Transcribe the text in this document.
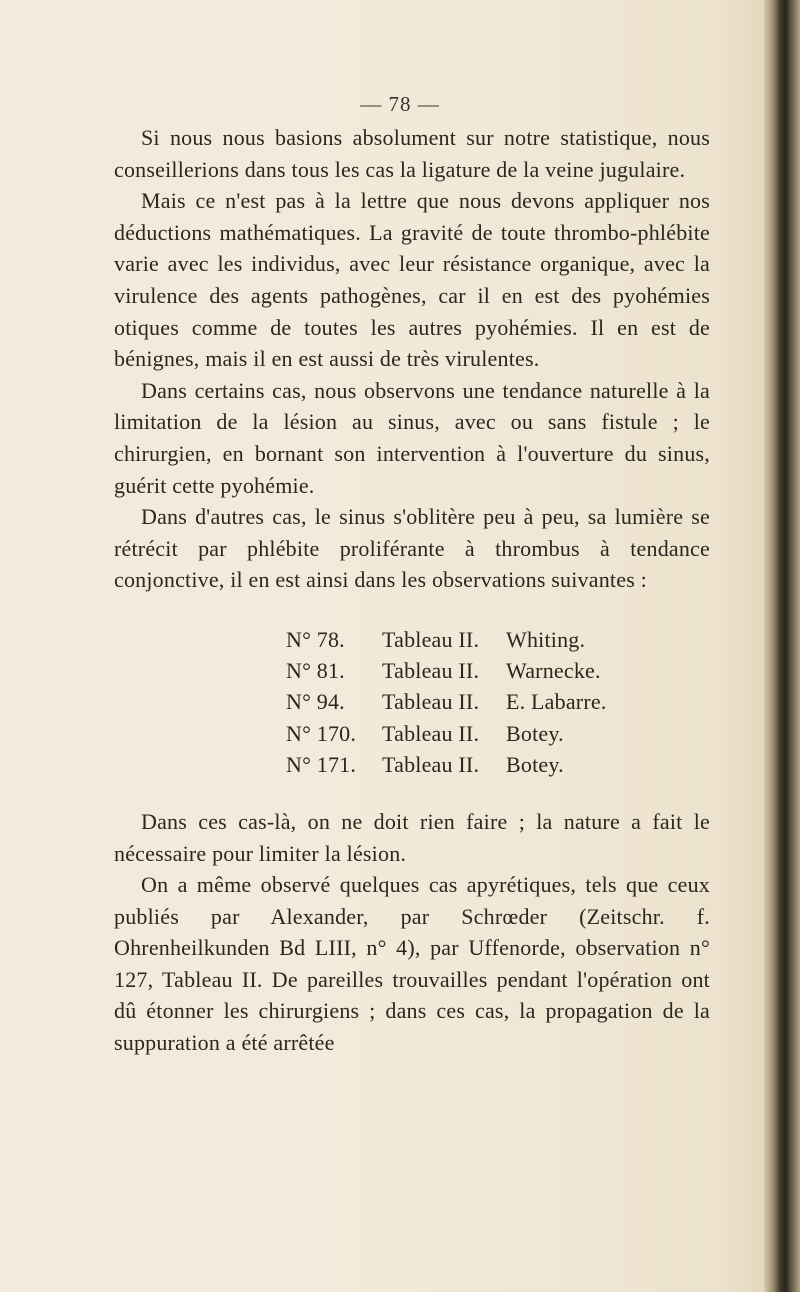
— 78 —

Si nous nous basions absolument sur notre statistique, nous conseillerions dans tous les cas la ligature de la veine jugulaire.

Mais ce n'est pas à la lettre que nous devons appliquer nos déductions mathématiques. La gravité de toute thrombo-phlébite varie avec les individus, avec leur résistance organique, avec la virulence des agents pathogènes, car il en est des pyohémies otiques comme de toutes les autres pyohémies. Il en est de bénignes, mais il en est aussi de très virulentes.

Dans certains cas, nous observons une tendance naturelle à la limitation de la lésion au sinus, avec ou sans fistule ; le chirurgien, en bornant son intervention à l'ouverture du sinus, guérit cette pyohémie.

Dans d'autres cas, le sinus s'oblitère peu à peu, sa lumière se rétrécit par phlébite proliférante à thrombus à tendance conjonctive, il en est ainsi dans les observations suivantes :

N° 78.	Tableau II.	Whiting.
N° 81.	Tableau II.	Warnecke.
N° 94.	Tableau II.	E. Labarre.
N° 170.	Tableau II.	Botey.
N° 171.	Tableau II.	Botey.

Dans ces cas-là, on ne doit rien faire ; la nature a fait le nécessaire pour limiter la lésion.

On a même observé quelques cas apyrétiques, tels que ceux publiés par Alexander, par Schrœder (Zeitschr. f. Ohrenheilkunden Bd LIII, n° 4), par Uffenorde, observation n° 127, Tableau II. De pareilles trouvailles pendant l'opération ont dû étonner les chirurgiens ; dans ces cas, la propagation de la suppuration a été arrêtée
